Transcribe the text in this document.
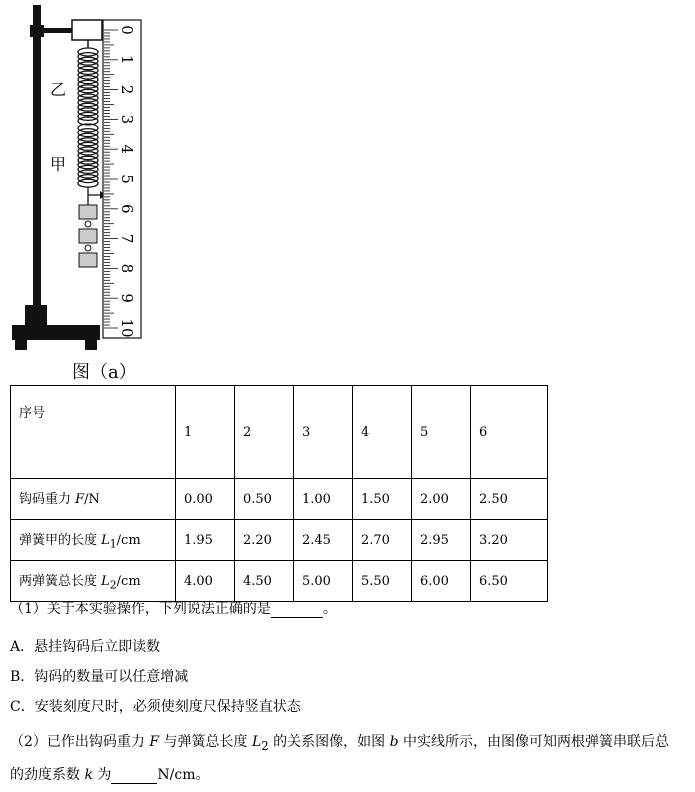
乙
甲
0
1
2
3
4
5
6
7
8
9
10
图（a）
序号	1	2	3	4	5	6
钩码重力 F/N	0.00	0.50	1.00	1.50	2.00	2.50
弹簧甲的长度 $L_1/cm$	1.95	2.20	2.45	2.70	2.95	3.20
两弹簧总长度 $L_2/cm$	4.00	4.50	5.00	5.50	6.00	6.50
（1）关于本实验操作，下列说法正确的是	。
A．悬挂钩码后立即读数
B．钩码的数量可以任意增减
C．安装刻度尺时，必须使刻度尺保持竖直状态
（2）已作出钩码重力 F 与弹簧总长度 $L_2$ 的关系图像，如图 b 中实线所示，由图像可知两根弹簧串联后总
的劲度系数 k 为	N/cm。
